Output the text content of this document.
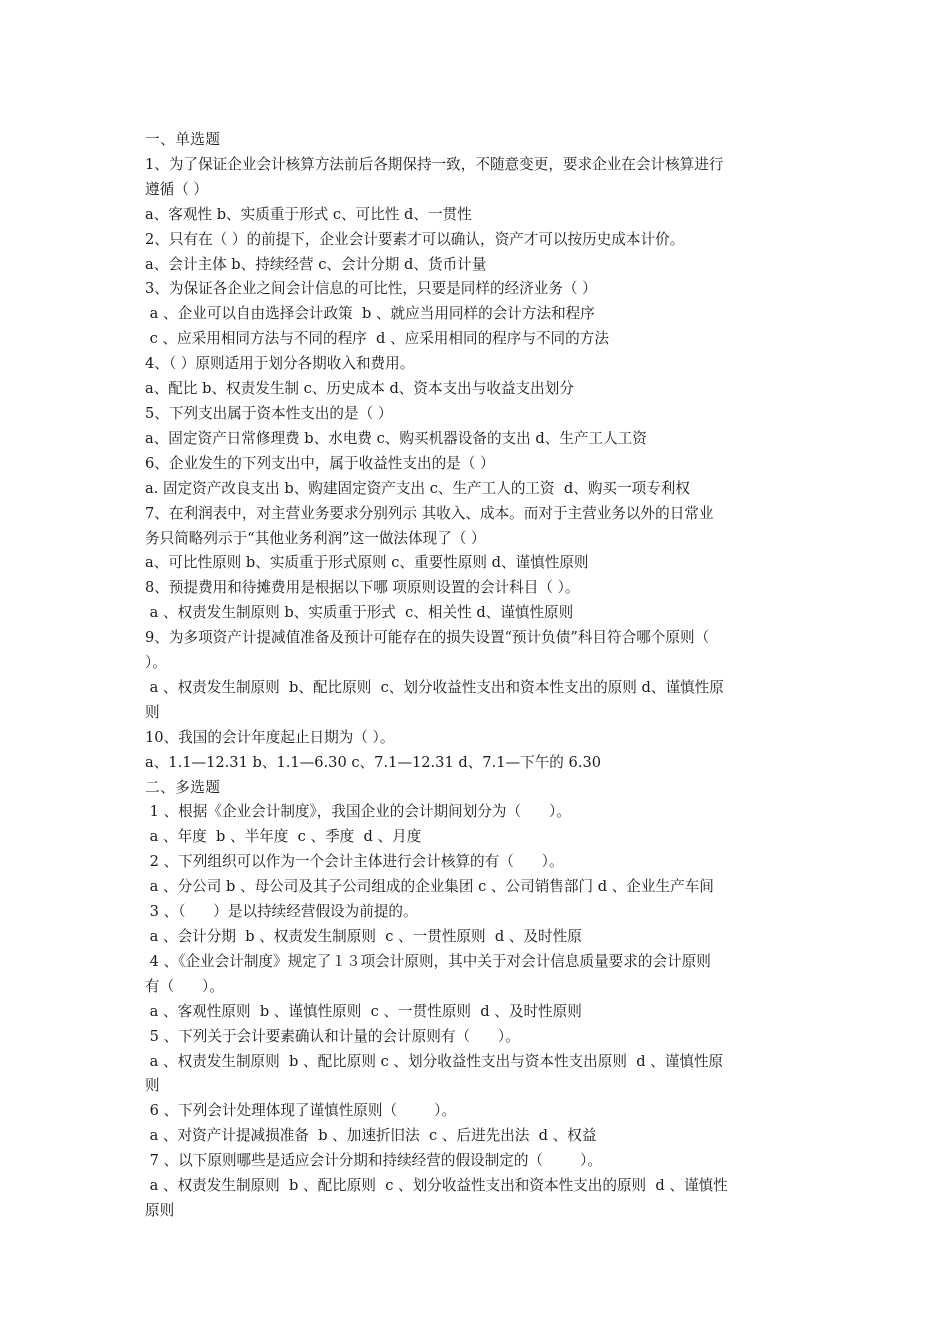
一、单选题
1、为了保证企业会计核算方法前后各期保持一致，不随意变更，要求企业在会计核算进行
遵循（ ）
a、客观性 b、实质重于形式 c、可比性 d、一贯性
2、只有在（ ）的前提下，企业会计要素才可以确认，资产才可以按历史成本计价。
a、会计主体 b、持续经营 c、会计分期 d、货币计量
3、为保证各企业之间会计信息的可比性，只要是同样的经济业务（ ）
a 、企业可以自由选择会计政策  b 、就应当用同样的会计方法和程序
c 、应采用相同方法与不同的程序  d 、应采用相同的程序与不同的方法
4、（ ）原则适用于划分各期收入和费用。
a、配比 b、权责发生制 c、历史成本 d、资本支出与收益支出划分
5、下列支出属于资本性支出的是（ ）
a、固定资产日常修理费 b、水电费 c、购买机器设备的支出 d、生产工人工资
6、企业发生的下列支出中，属于收益性支出的是（ ）
a. 固定资产改良支出 b、购建固定资产支出 c、生产工人的工资  d、购买一项专利权
7、在利润表中，对主营业务要求分别列示 其收入、成本。而对于主营业务以外的日常业
务只简略列示于“其他业务利润”这一做法体现了（ ）
a、可比性原则 b、实质重于形式原则 c、重要性原则 d、谨慎性原则
8、预提费用和待摊费用是根据以下哪 项原则设置的会计科目（ ）。
a 、权责发生制原则 b、实质重于形式  c、相关性 d、谨慎性原则
9、为多项资产计提减值准备及预计可能存在的损失设置“预计负债”科目符合哪个原则（
）。
a 、权责发生制原则  b、配比原则  c、划分收益性支出和资本性支出的原则 d、谨慎性原
则
10、我国的会计年度起止日期为（ ）。
a、1.1—12.31 b、1.1—6.30 c、7.1—12.31 d、7.1—下午的 6.30
二、多选题
1 、根据《企业会计制度》，我国企业的会计期间划分为（      ）。
a 、年度  b 、半年度  c 、季度  d 、月度
2 、下列组织可以作为一个会计主体进行会计核算的有（      ）。
a 、分公司 b 、母公司及其子公司组成的企业集团 c 、公司销售部门 d 、企业生产车间
3 、（      ）是以持续经营假设为前提的。
a 、会计分期  b 、权责发生制原则  c 、一贯性原则  d 、及时性原
4 、《企业会计制度》规定了１３项会计原则，其中关于对会计信息质量要求的会计原则
有（      ）。
a 、客观性原则  b 、谨慎性原则  c 、一贯性原则  d 、及时性原则
5 、下列关于会计要素确认和计量的会计原则有（      ）。
a 、权责发生制原则  b 、配比原则 c 、划分收益性支出与资本性支出原则  d 、谨慎性原
则
6 、下列会计处理体现了谨慎性原则（        ）。
a 、对资产计提减损准备  b 、加速折旧法  c 、后进先出法  d 、权益
7 、以下原则哪些是适应会计分期和持续经营的假设制定的（        ）。
a 、权责发生制原则  b 、配比原则  c 、划分收益性支出和资本性支出的原则  d 、谨慎性
原则
